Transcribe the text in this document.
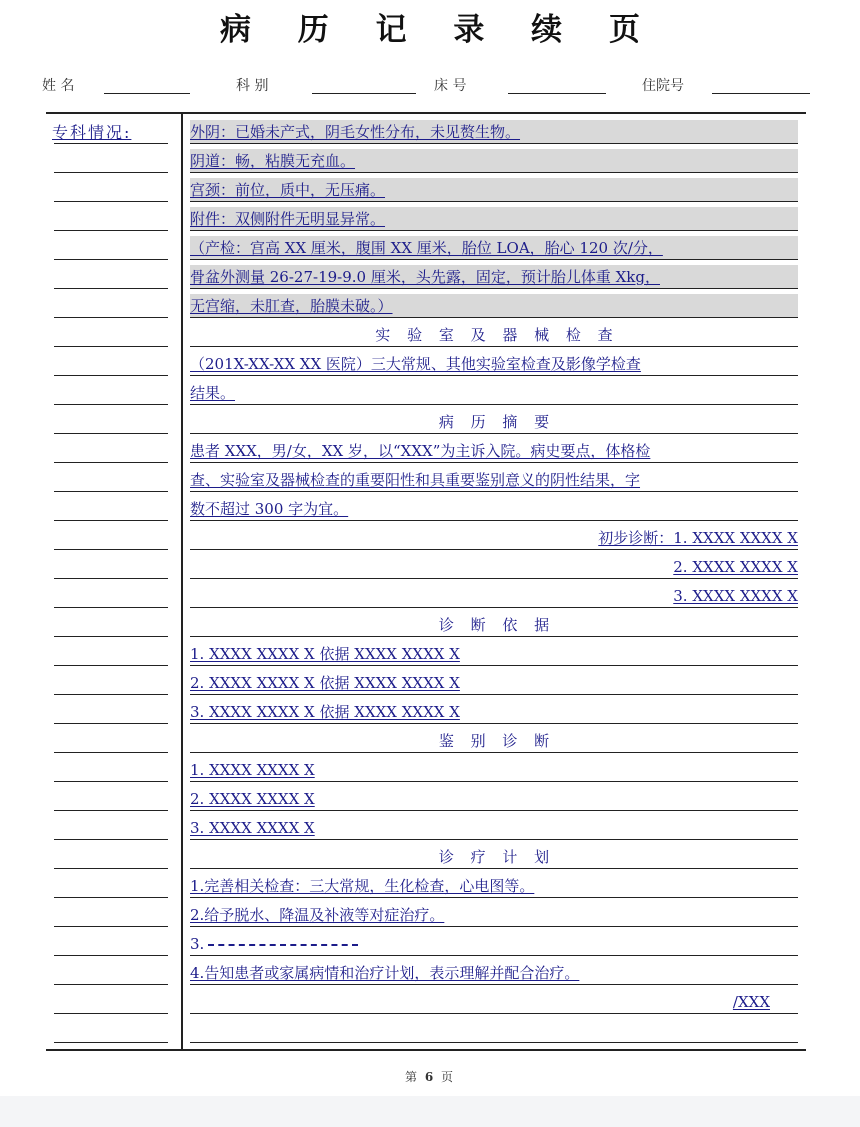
病 历 记 录 续 页
姓 名	科 别	床 号	住院号
专科情况:	外阴：已婚未产式，阴毛女性分布，未见赘生物。
阴道：畅，粘膜无充血。
宫颈：前位，质中，无压痛。
附件：双侧附件无明显异常。
（产检：宫高 XX 厘米，腹围 XX 厘米，胎位 LOA，胎心 120 次/分，
骨盆外测量 26-27-19-9.0 厘米，头先露，固定，预计胎儿体重 Xkg，
无宫缩，未肛查，胎膜未破。）
实 验 室 及 器 械 检 查
（201X-XX-XX XX 医院）三大常规、其他实验室检查及影像学检查
结果。
病 历 摘 要
患者 XXX，男/女，XX 岁，以“XXX”为主诉入院。病史要点，体格检
查、实验室及器械检查的重要阳性和具重要鉴别意义的阴性结果，字
数不超过 300 字为宜。
初步诊断：1. XXXX XXXX X
2. XXXX XXXX X
3. XXXX XXXX X
诊 断 依 据
1. XXXX XXXX X 依据 XXXX XXXX X
2. XXXX XXXX X 依据 XXXX XXXX X
3. XXXX XXXX X 依据 XXXX XXXX X
鉴 别 诊 断
1. XXXX XXXX X
2. XXXX XXXX X
3. XXXX XXXX X
诊 疗 计 划
1.完善相关检查：三大常规，生化检查，心电图等。
2.给予脱水、降温及补液等对症治疗。
3.
4.告知患者或家属病情和治疗计划，表示理解并配合治疗。
/XXX
第 6 页
